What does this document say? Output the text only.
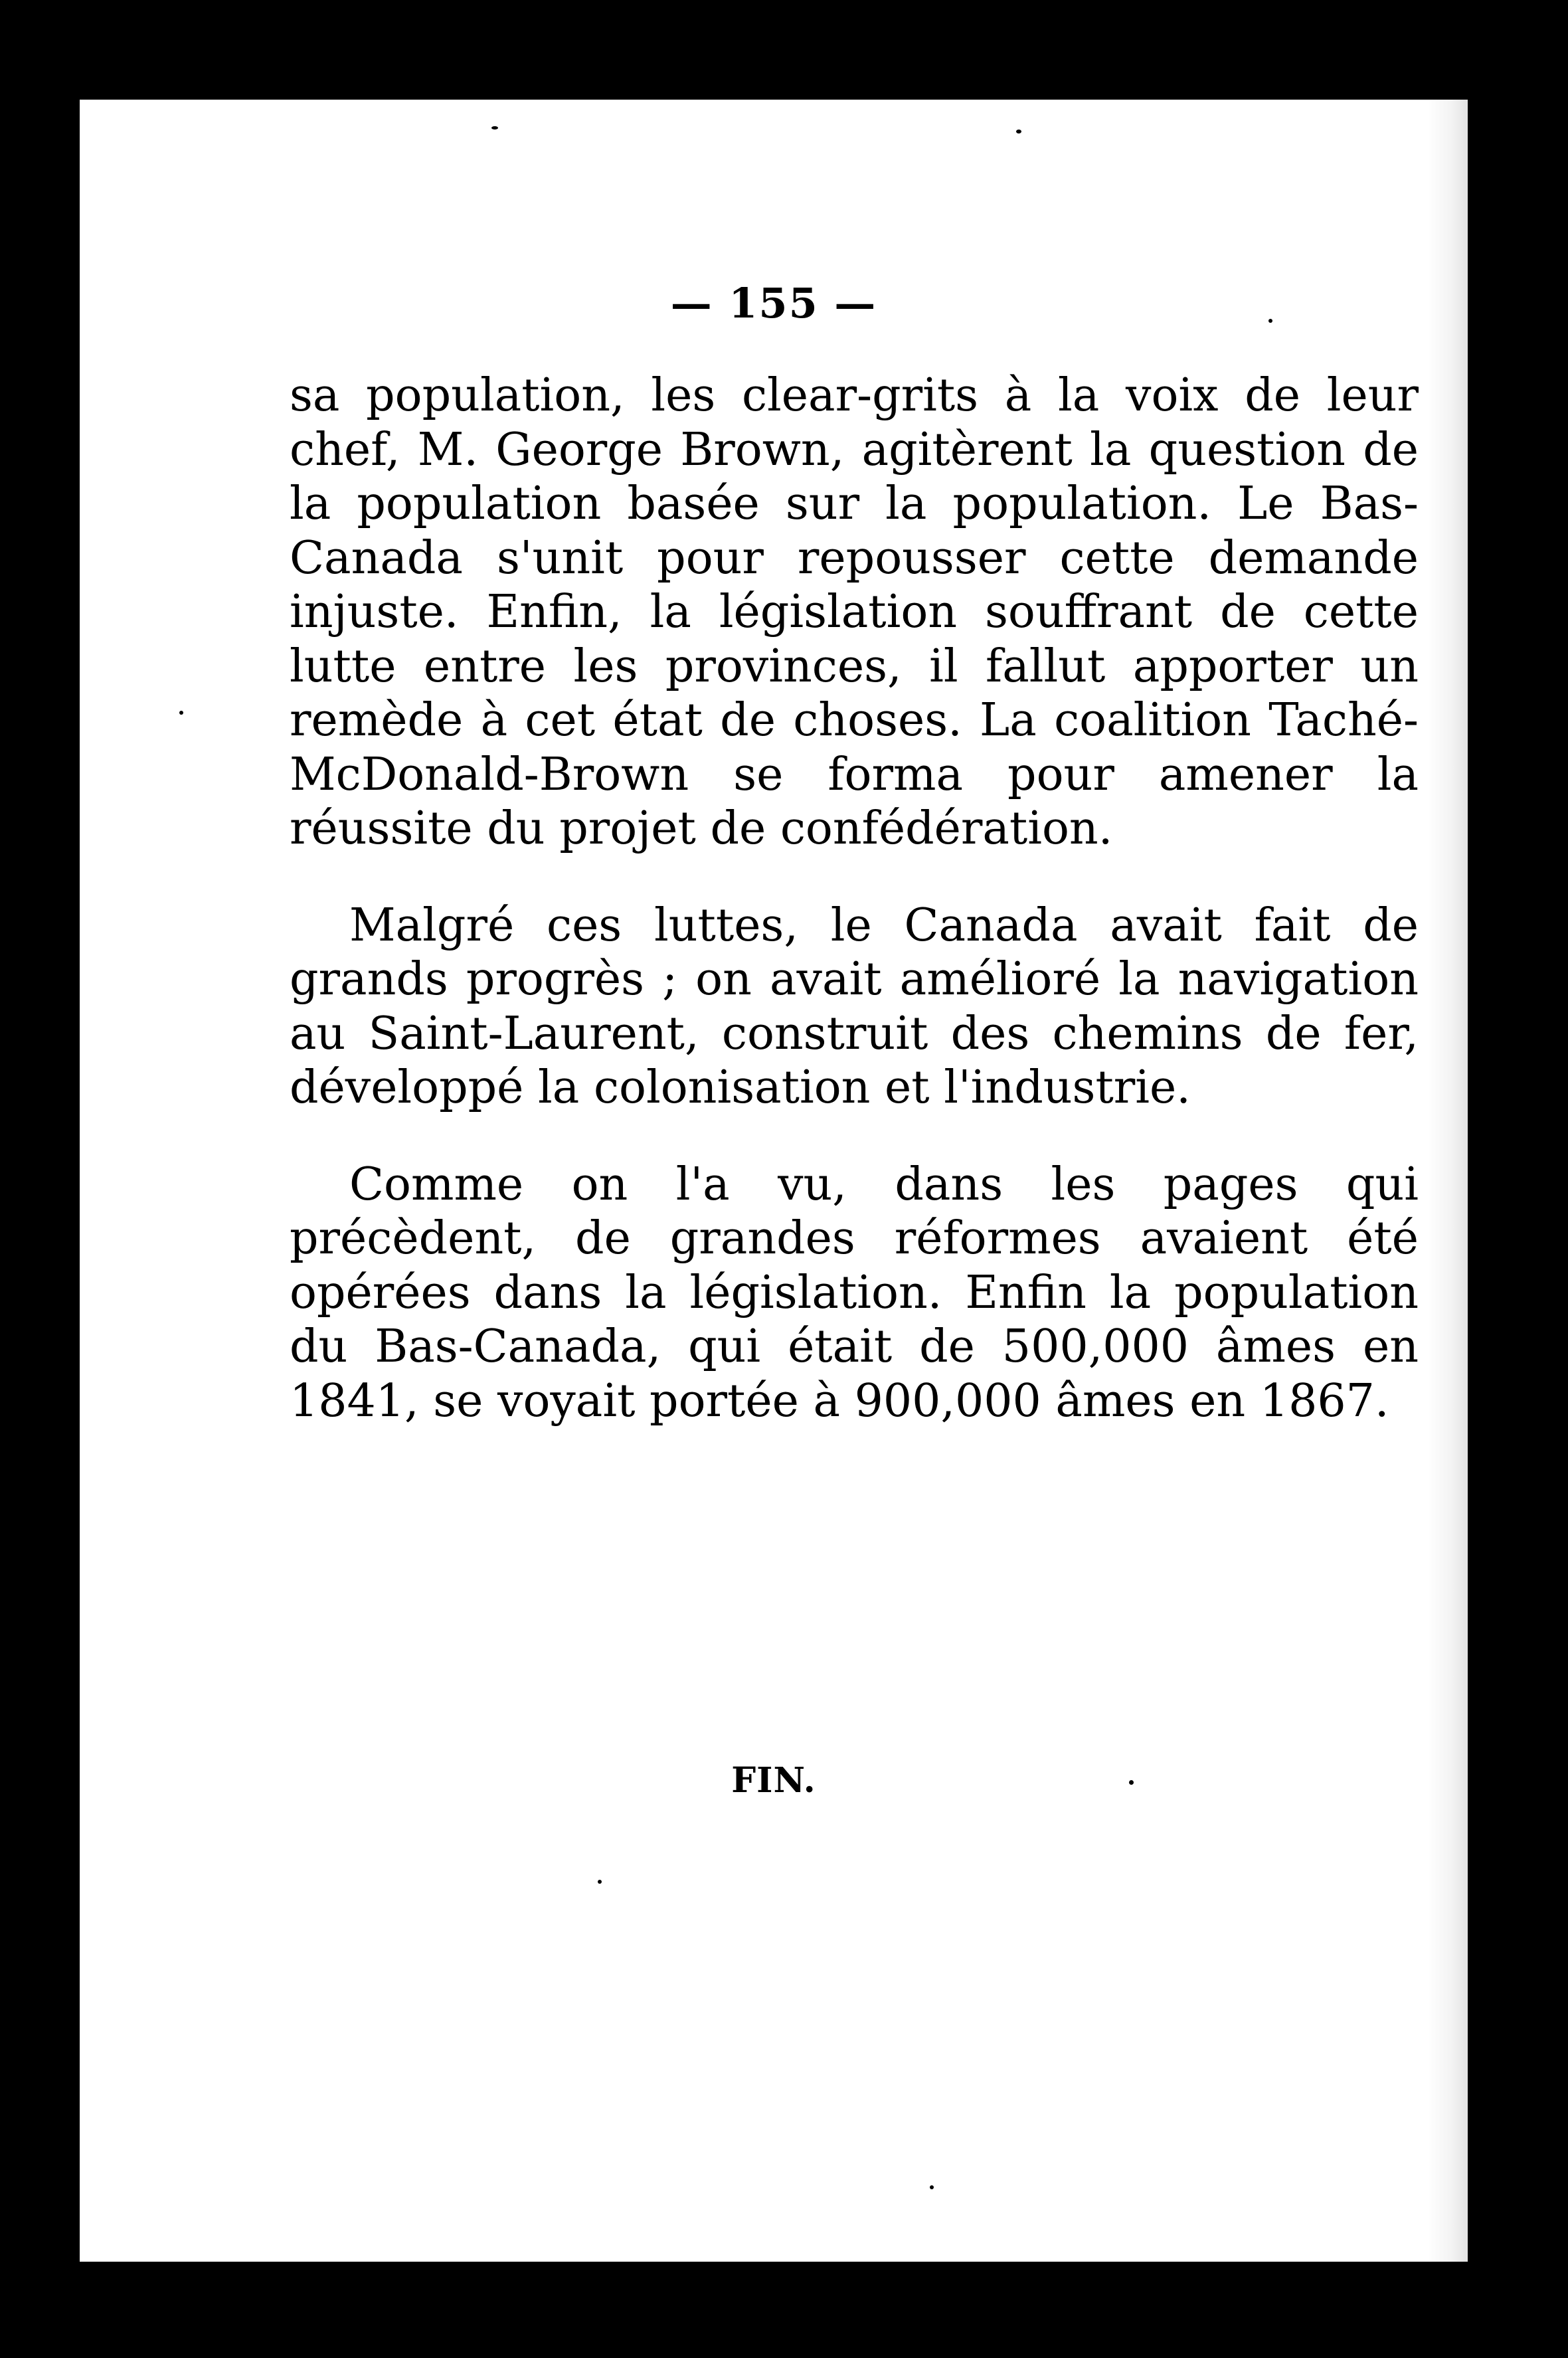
— 155 —

sa population, les clear-grits à la voix de leur chef, M. George Brown, agitèrent la question de la population basée sur la population. Le Bas-Canada s'unit pour repousser cette demande injuste. Enfin, la législation souffrant de cette lutte entre les provinces, il fallut apporter un remède à cet état de choses. La coalition Taché-McDonald-Brown se forma pour amener la réussite du projet de confédération.

Malgré ces luttes, le Canada avait fait de grands progrès ; on avait amélioré la navigation au Saint-Laurent, construit des chemins de fer, développé la colonisation et l'industrie.

Comme on l'a vu, dans les pages qui précèdent, de grandes réformes avaient été opérées dans la législation. Enfin la population du Bas-Canada, qui était de 500,000 âmes en 1841, se voyait portée à 900,000 âmes en 1867.

FIN.
